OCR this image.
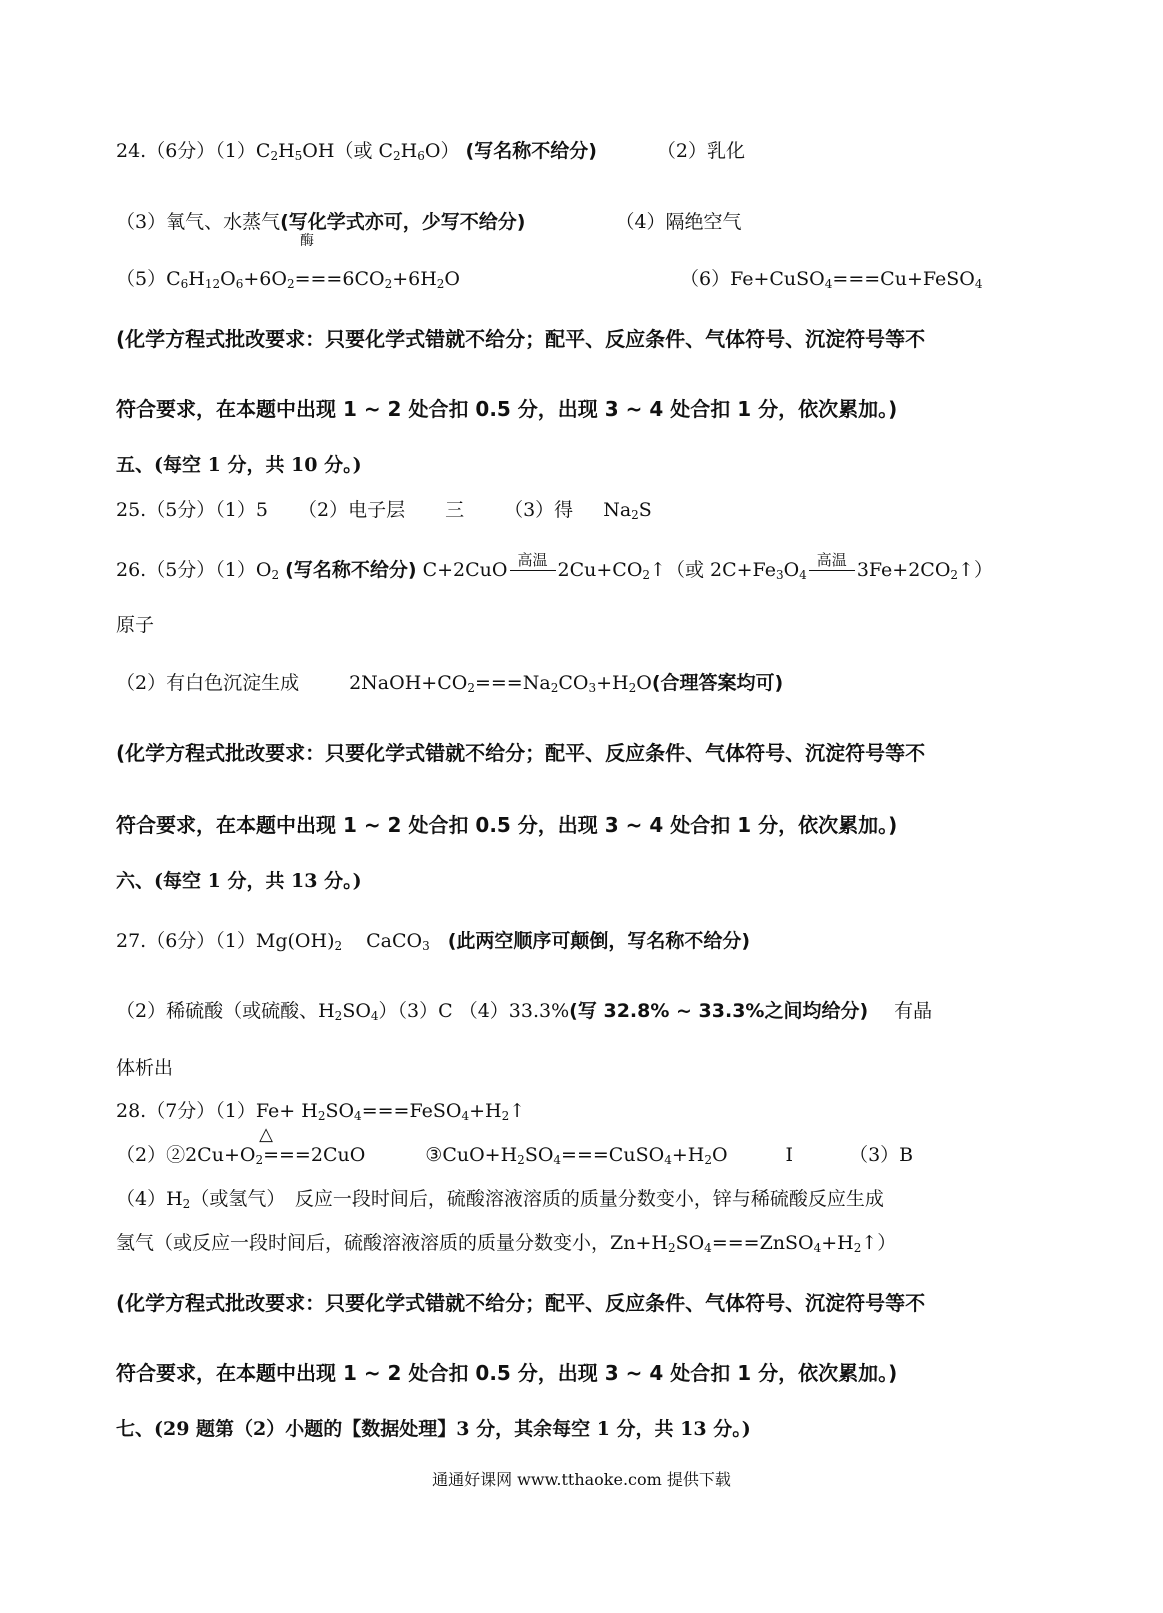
24.（6分）$(1)C_2H_5OH$（或 $C_2H_6O$） (写名称不给分)	（2）乳化
（3）氧气、水蒸气(写化学式亦可，少写不给分)	（4）隔绝空气
酶
$(5)C_6H_{12}O_6+6O_2===6CO_2+6H_2O$	（6）Fe+CuSO$_4$===Cu+FeSO$_4$
(化学方程式批改要求：只要化学式错就不给分；配平、反应条件、气体符号、沉淀符号等不
符合要求，在本题中出现 1 ~ 2 处合扣 0.5 分，出现 3 ~ 4 处合扣 1 分，依次累加。)
五、(每空 1 分，共 10 分。)
25.（5分）（1）5 （2）电子层 三 （3）得 $Na_2S$
26.（5分）$(1)O_2$ (写名称不给分) C+2CuO 高温 $2Cu+CO_2↑$（或 $2C+Fe_3O_4$
高温 $3Fe+2CO_2↑$）
原子
（2）有白色沉淀生成	$2NaOH+CO_2===Na_2CO_3+H_2O$(合理答案均可)
(化学方程式批改要求：只要化学式错就不给分；配平、反应条件、气体符号、沉淀符号等不
符合要求，在本题中出现 1 ~ 2 处合扣 0.5 分，出现 3 ~ 4 处合扣 1 分，依次累加。)
六、(每空 1 分，共 13 分。)
27.（6分）$(1)Mg(OH)_2$ CaCO$_3$ (此两空顺序可颠倒，写名称不给分)
（2）稀硫酸（或硫酸、$H_2SO_4)(3)C$ （4）33.3%(写 32.8% ~ 33.3%之间均给分) 有晶
体析出
28.（7分）$(1)Fe+ H_2SO_4===FeSO_4+H_2↑$
$(2)②2Cu+O_2$
△
===2CuO	$③CuO+H_2SO_4===CuSO_4+H_2O$	I	（3）B
$(4)H_2$（或氢气）　反应一段时间后，硫酸溶液溶质的质量分数变小，锌与稀硫酸反应生成
氢气（或反应一段时间后，硫酸溶液溶质的质量分数变小，$Zn+H_2SO_4===ZnSO_4+H_2↑$）
(化学方程式批改要求：只要化学式错就不给分；配平、反应条件、气体符号、沉淀符号等不
符合要求，在本题中出现 1 ~ 2 处合扣 0.5 分，出现 3 ~ 4 处合扣 1 分，依次累加。)
七、(29 题第（2）小题的【数据处理】3 分，其余每空 1 分，共 13 分。)
通通好课网 www.tthaoke.com 提供下载
